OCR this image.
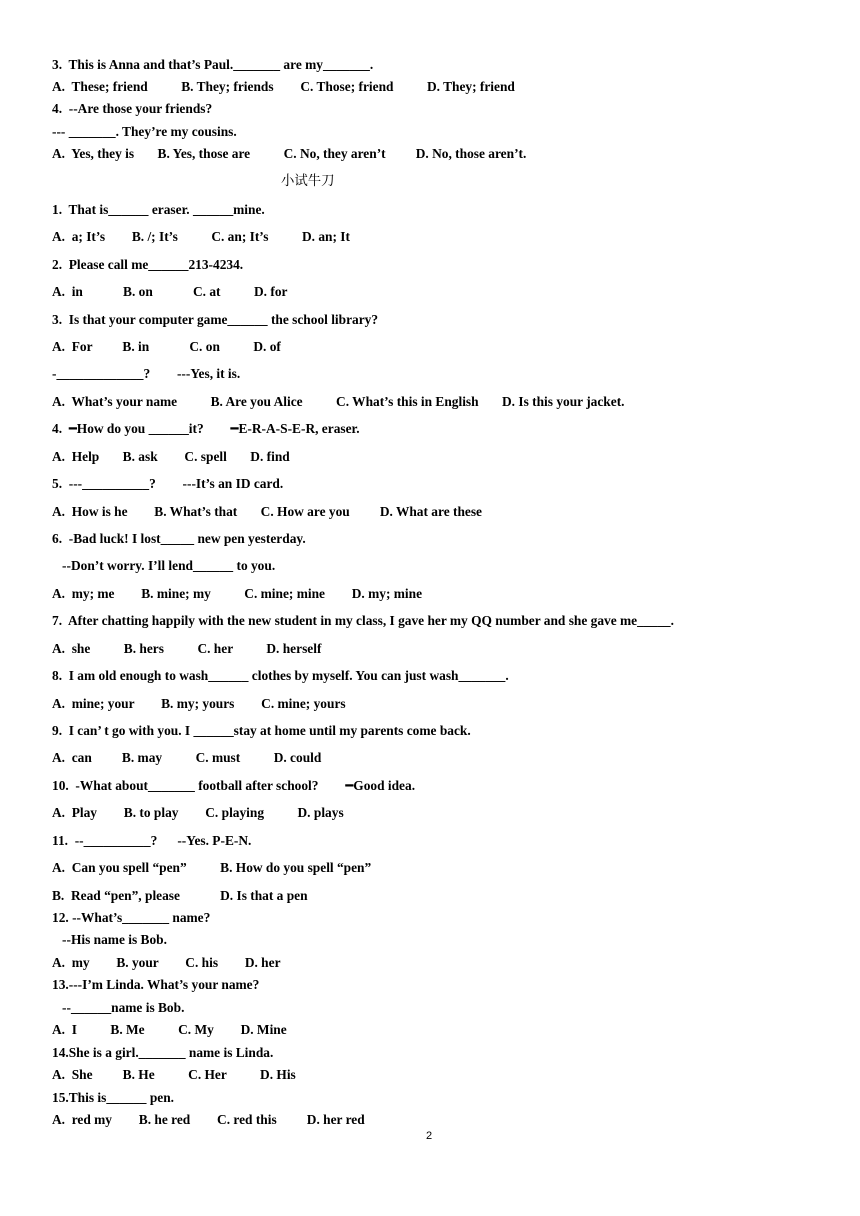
3.  This is Anna and that’s Paul._______ are my_______.
A.  These; friend          B. They; friends        C. Those; friend          D. They; friend
4.  --Are those your friends?
--- _______. They’re my cousins.
A.  Yes, they is       B. Yes, those are          C. No, they aren’t         D. No, those aren’t.
小试牛刀
1.  That is______ eraser. ______mine.
A.  a; It’s        B. /; It’s          C. an; It’s          D. an; It
2.  Please call me______213-4234.
A.  in            B. on            C. at          D. for
3.  Is that your computer game______ the school library?
A.  For         B. in            C. on          D. of
-_____________?        ---Yes, it is.
A.  What’s your name          B. Are you Alice          C. What’s this in English       D. Is this your jacket.
4.  ━How do you ______it?        ━E-R-A-S-E-R, eraser.
A.  Help       B. ask        C. spell       D. find
5.  ---__________?        ---It’s an ID card.
A.  How is he        B. What’s that       C. How are you         D. What are these
6.  -Bad luck! I lost_____ new pen yesterday.
--Don’t worry. I’ll lend______ to you.
A.  my; me        B. mine; my          C. mine; mine        D. my; mine
7.  After chatting happily with the new student in my class, I gave her my QQ number and she gave me_____.
A.  she          B. hers          C. her          D. herself
8.  I am old enough to wash______ clothes by myself. You can just wash_______.
A.  mine; your        B. my; yours        C. mine; yours
9.  I can’ t go with you. I ______stay at home until my parents come back.
A.  can         B. may          C. must          D. could
10.  -What about_______ football after school?        ━Good idea.
A.  Play        B. to play        C. playing          D. plays
11.  --__________?      --Yes. P-E-N.
A.  Can you spell “pen”          B. How do you spell “pen”
B.  Read “pen”, please            D. Is that a pen
12. --What’s_______ name?
--His name is Bob.
A.  my        B. your        C. his        D. her
13.---I’m Linda. What’s your name?
--______name is Bob.
A.  I          B. Me          C. My        D. Mine
14.She is a girl._______ name is Linda.
A.  She         B. He          C. Her          D. His
15.This is______ pen.
A.  red my        B. he red        C. red this         D. her red
2
